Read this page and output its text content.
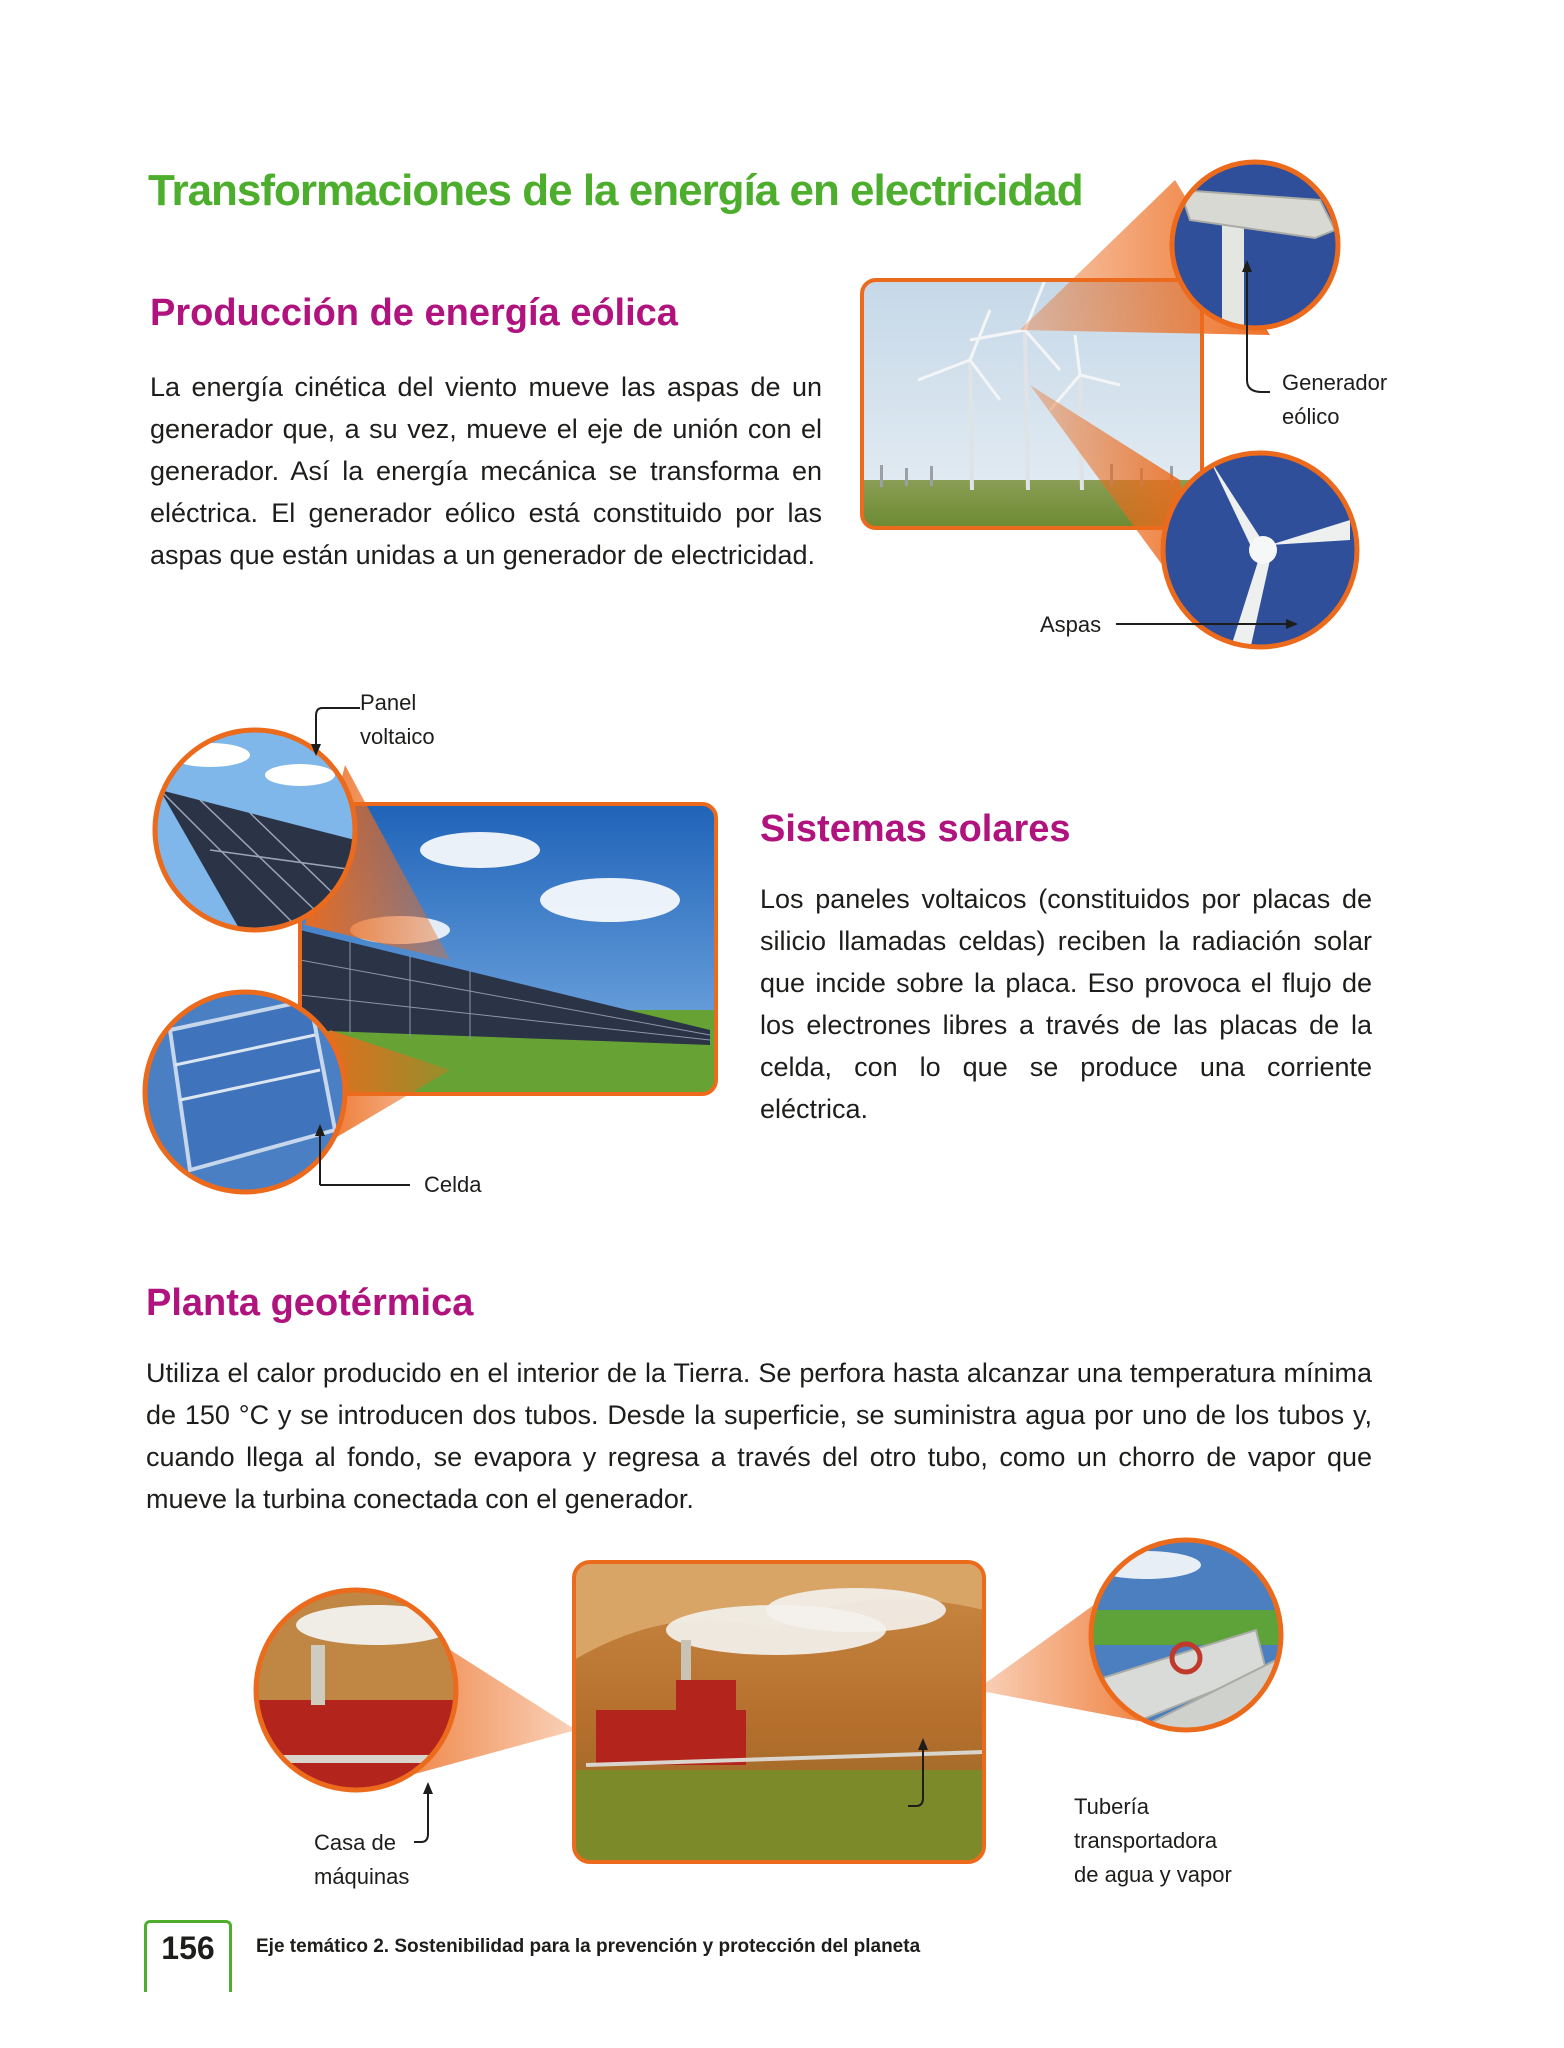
Transformaciones de la energía en electricidad
Producción de energía eólica
La energía cinética del viento mueve las aspas de un generador que, a su vez, mueve el eje de unión con el generador. Así la energía mecánica se transforma en eléctrica. El generador eólico está constituido por las aspas que están unidas a un generador de electricidad.
Generador
eólico
Aspas
Panel
voltaico
Celda
Sistemas solares
Los paneles voltaicos (constituidos por placas de silicio llamadas celdas) reciben la radiación solar que incide sobre la placa. Eso provoca el flujo de los electrones libres a través de las placas de la celda, con lo que se produce una corriente eléctrica.
Planta geotérmica
Utiliza el calor producido en el interior de la Tierra. Se perfora hasta alcanzar una temperatura mínima de 150 °C y se introducen dos tubos. Desde la superficie, se suministra agua por uno de los tubos y, cuando llega al fondo, se evapora y regresa a través del otro tubo, como un chorro de vapor que mueve la turbina conectada con el generador.
Casa de
máquinas
Tubería
transportadora
de agua y vapor
156	Eje temático 2. Sostenibilidad para la prevención y protección del planeta
